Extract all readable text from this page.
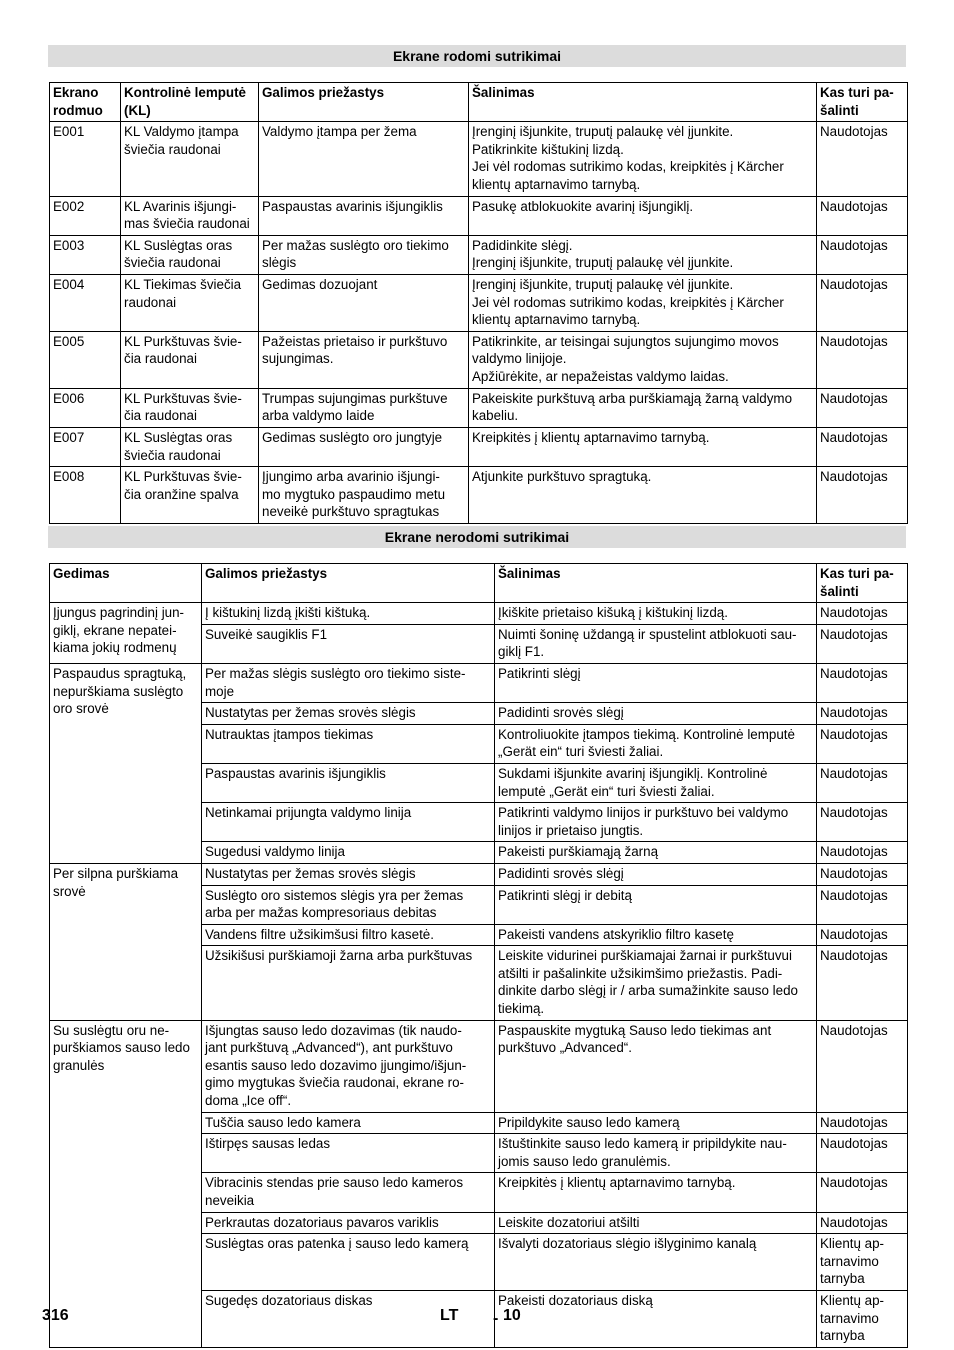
Ekrane rodomi sutrikimai
Ekrano
rodmuo	Kontrolinė lemputė
(KL)	Galimos priežastys	Šalinimas	Kas turi pa-
šalinti

E001	KL Valdymo įtampa
šviečia raudonai	Valdymo įtampa per žema	Įrenginį išjunkite, truputį palaukę vėl įjunkite.
Patikrinkite kištukinį lizdą.
Jei vėl rodomas sutrikimo kodas, kreipkitės į Kärcher
klientų aptarnavimo tarnybą.	Naudotojas

E002	KL Avarinis išjungi-
mas šviečia raudonai	Paspaustas avarinis išjungiklis	Pasukę atblokuokite avarinį išjungiklį.	Naudotojas

E003	KL Suslėgtas oras
šviečia raudonai	Per mažas suslėgto oro tiekimo
slėgis	Padidinkite slėgį.
Įrenginį išjunkite, truputį palaukę vėl įjunkite.	Naudotojas

E004	KL Tiekimas šviečia
raudonai	Gedimas dozuojant	Įrenginį išjunkite, truputį palaukę vėl įjunkite.
Jei vėl rodomas sutrikimo kodas, kreipkitės į Kärcher
klientų aptarnavimo tarnybą.	Naudotojas

E005	KL Purkštuvas švie-
čia raudonai	Pažeistas prietaiso ir purkštuvo
sujungimas.	Patikrinkite, ar teisingai sujungtos sujungimo movos
valdymo linijoje.
Apžiūrėkite, ar nepažeistas valdymo laidas.	Naudotojas

E006	KL Purkštuvas švie-
čia raudonai	Trumpas sujungimas purkštuve
arba valdymo laide	Pakeiskite purkštuvą arba purškiamąją žarną valdymo
kabeliu.	Naudotojas

E007	KL Suslėgtas oras
šviečia raudonai	Gedimas suslėgto oro jungtyje	Kreipkitės į klientų aptarnavimo tarnybą.	Naudotojas

E008	KL Purkštuvas švie-
čia oranžine spalva	Įjungimo arba avarinio išjungi-
mo mygtuko paspaudimo metu
neveikė purkštuvo spragtukas	Atjunkite purkštuvo spragtuką.	Naudotojas
Ekrane nerodomi sutrikimai
Gedimas	Galimos priežastys	Šalinimas	Kas turi pa-
šalinti

Įjungus pagrindinį jun-
giklį, ekrane nepatei-
kiama jokių rodmenų	Į kištukinį lizdą įkišti kištuką.	Įkiškite prietaiso kišuką į kištukinį lizdą.	Naudotojas

	Suveikė saugiklis F1	Nuimti šoninę uždangą ir spustelint atblokuoti sau-
giklį F1.	Naudotojas

Paspaudus spragtuką,
nepurškiama suslėgto
oro srovė	Per mažas slėgis suslėgto oro tiekimo siste-
moje	Patikrinti slėgį	Naudotojas

	Nustatytas per žemas srovės slėgis	Padidinti srovės slėgį	Naudotojas

	Nutrauktas įtampos tiekimas	Kontroliuokite įtampos tiekimą. Kontrolinė lemputė
„Gerät ein“ turi šviesti žaliai.	Naudotojas

	Paspaustas avarinis išjungiklis	Sukdami išjunkite avarinį išjungiklį. Kontrolinė
lemputė „Gerät ein“ turi šviesti žaliai.	Naudotojas

	Netinkamai prijungta valdymo linija	Patikrinti valdymo linijos ir purkštuvo bei valdymo
linijos ir prietaiso jungtis.	Naudotojas

	Sugedusi valdymo linija	Pakeisti purškiamąją žarną	Naudotojas

Per silpna purškiama
srovė	Nustatytas per žemas srovės slėgis	Padidinti srovės slėgį	Naudotojas

	Suslėgto oro sistemos slėgis yra per žemas
arba per mažas kompresoriaus debitas	Patikrinti slėgį ir debitą	Naudotojas

	Vandens filtre užsikimšusi filtro kasetė.	Pakeisti vandens atskyriklio filtro kasetę	Naudotojas

	Užsikišusi purškiamoji žarna arba purkštuvas	Leiskite vidurinei purškiamajai žarnai ir purkštuvui
atšilti ir pašalinkite užsikimšimo priežastis. Padi-
dinkite darbo slėgį ir / arba sumažinkite sauso ledo
tiekimą.	Naudotojas

Su suslėgtu oru ne-
purškiamos sauso ledo
granulės	Išjungtas sauso ledo dozavimas (tik naudo-
jant purkštuvą „Advanced“), ant purkštuvo
esantis sauso ledo dozavimo įjungimo/išjun-
gimo mygtukas šviečia raudonai, ekrane ro-
doma „Ice off“.	Paspauskite mygtuką Sauso ledo tiekimas ant
purkštuvo „Advanced“.	Naudotojas

	Tuščia sauso ledo kamera	Pripildykite sauso ledo kamerą	Naudotojas

	Ištirpęs sausas ledas	Ištuštinkite sauso ledo kamerą ir pripildykite nau-
jomis sauso ledo granulėmis.	Naudotojas

	Vibracinis stendas prie sauso ledo kameros
neveikia	Kreipkitės į klientų aptarnavimo tarnybą.	Naudotojas

	Perkrautas dozatoriaus pavaros variklis	Leiskite dozatoriui atšilti	Naudotojas

	Suslėgtas oras patenka į sauso ledo kamerą	Išvalyti dozatoriaus slėgio išlyginimo kanalą	Klientų ap-
tarnavimo
tarnyba

	Sugedęs dozatoriaus diskas	Pakeisti dozatoriaus diską	Klientų ap-
tarnavimo
tarnyba
316	LT - 10
